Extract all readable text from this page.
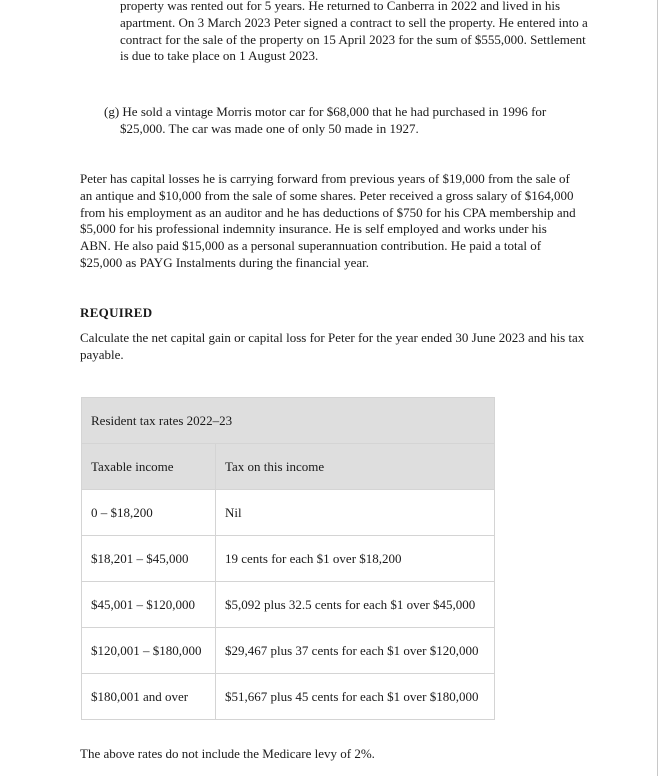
property was rented out for 5 years. He returned to Canberra in 2022 and lived in his apartment. On 3 March 2023 Peter signed a contract to sell the property. He entered into a contract for the sale of the property on 15 April 2023 for the sum of $555,000. Settlement is due to take place on 1 August 2023.

(g) He sold a vintage Morris motor car for $68,000 that he had purchased in 1996 for
$25,000. The car was made one of only 50 made in 1927.

Peter has capital losses he is carrying forward from previous years of $19,000 from the sale of an antique and $10,000 from the sale of some shares. Peter received a gross salary of $164,000 from his employment as an auditor and he has deductions of $750 for his CPA membership and $5,000 for his professional indemnity insurance. He is self employed and works under his ABN. He also paid $15,000 as a personal superannuation contribution. He paid a total of $25,000 as PAYG Instalments during the financial year.

REQUIRED

Calculate the net capital gain or capital loss for Peter for the year ended 30 June 2023 and his tax payable.

Resident tax rates 2022–23	
Taxable income	Tax on this income
0 – $18,200	Nil
$18,201 – $45,000	19 cents for each $1 over $18,200
$45,001 – $120,000	$5,092 plus 32.5 cents for each $1 over $45,000
$120,001 – $180,000	$29,467 plus 37 cents for each $1 over $120,000
$180,001 and over	$51,667 plus 45 cents for each $1 over $180,000

The above rates do not include the Medicare levy of 2%.
